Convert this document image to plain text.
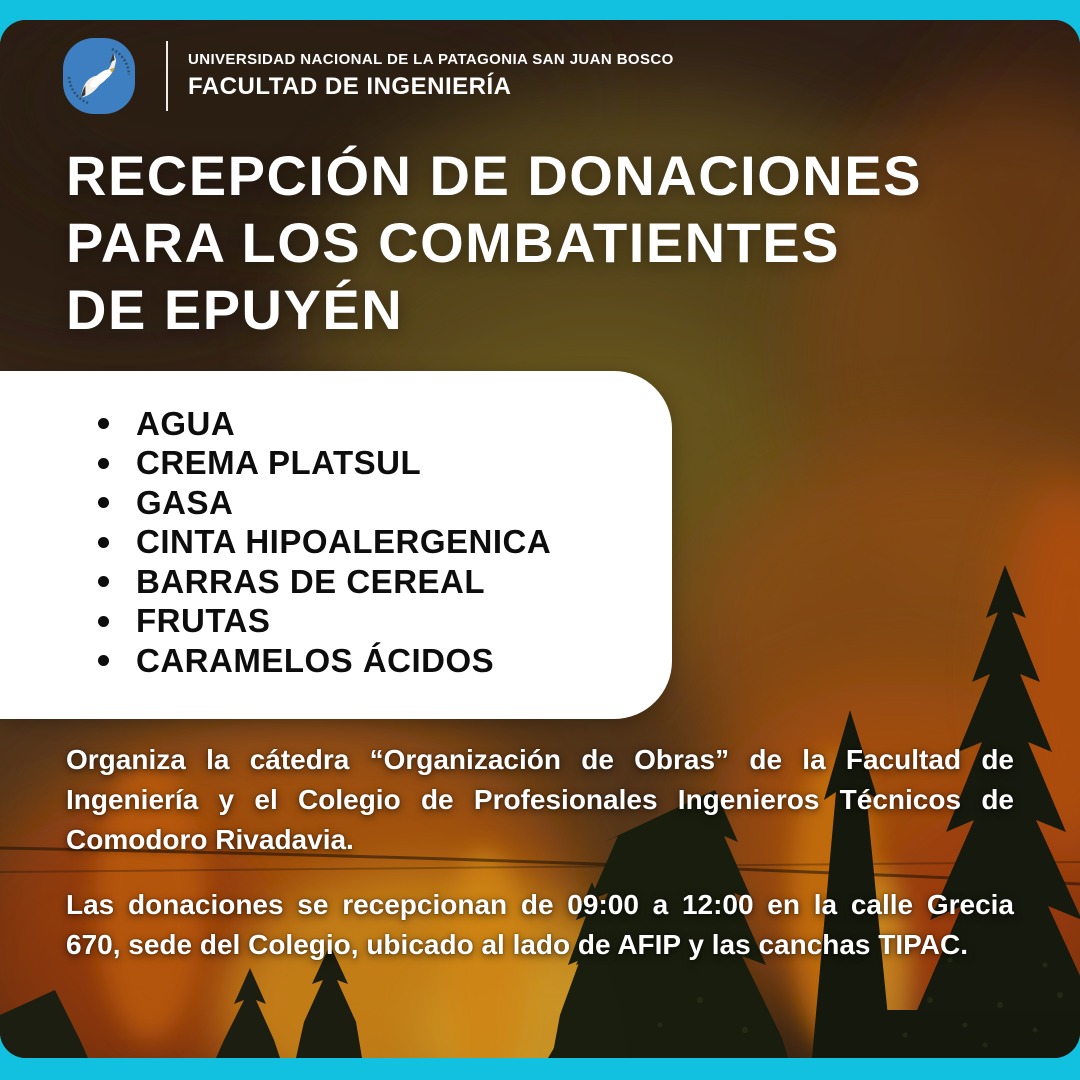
UNIVERSIDAD NACIONAL DE LA PATAGONIA SAN JUAN BOSCO
FACULTAD DE INGENIERÍA
RECEPCIÓN DE DONACIONES
PARA LOS COMBATIENTES
DE EPUYÉN
AGUA
CREMA PLATSUL
GASA
CINTA HIPOALERGENICA
BARRAS DE CEREAL
FRUTAS
CARAMELOS ÁCIDOS
Organiza la cátedra “Organización de Obras” de la Facultad de
Ingeniería y el Colegio de Profesionales Ingenieros Técnicos de
Comodoro Rivadavia.
Las donaciones se recepcionan de 09:00 a 12:00 en la calle Grecia
670, sede del Colegio, ubicado al lado de AFIP y las canchas TIPAC.
